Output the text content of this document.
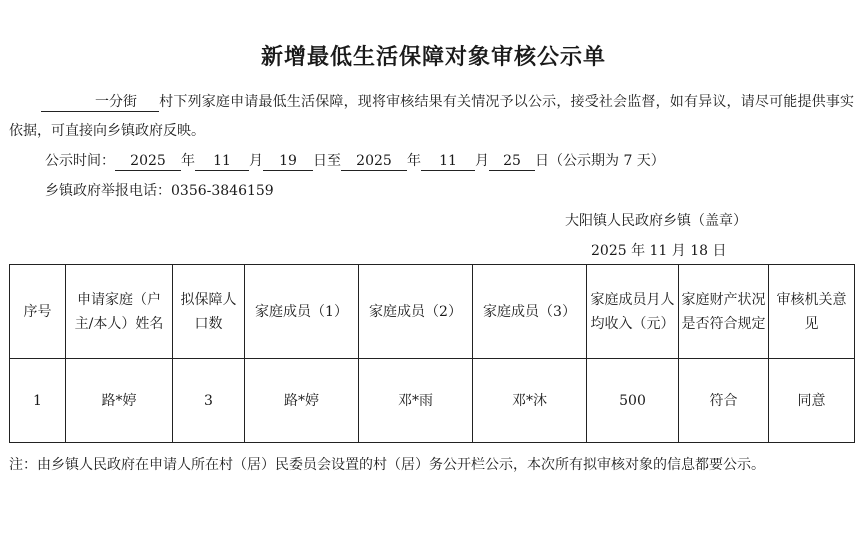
新增最低生活保障对象审核公示单
一分街 村下列家庭申请最低生活保障，现将审核结果有关情况予以公示，接受社会监督，如有异议，请尽可能提供事实依据，可直接向乡镇政府反映。
公示时间： 2025 年 11 月 19 日至 2025 年 11 月 25 日（公示期为 7 天）
乡镇政府举报电话：0356-3846159
大阳镇人民政府乡镇（盖章）
2025 年 11 月 18 日
序号	申请家庭（户主/本人）姓名	拟保障人口数	家庭成员（1）	家庭成员（2）	家庭成员（3）	家庭成员月人均收入（元）	家庭财产状况是否符合规定	审核机关意见
1	路*婷	3	路*婷	邓*雨	邓*沐	500	符合	同意
注：由乡镇人民政府在申请人所在村（居）民委员会设置的村（居）务公开栏公示，本次所有拟审核对象的信息都要公示。
